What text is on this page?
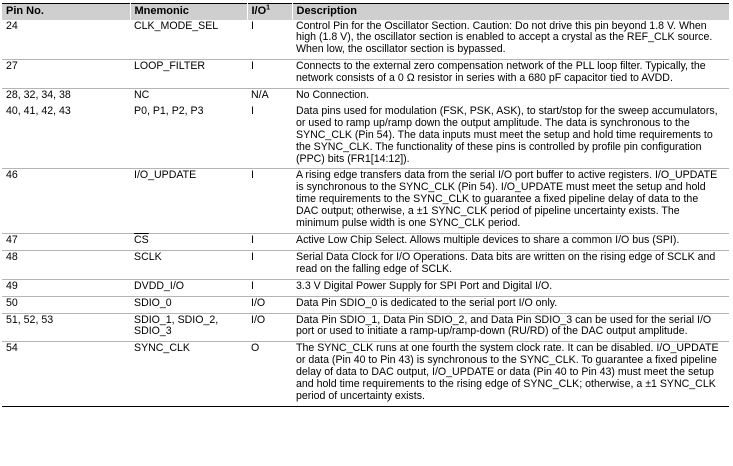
Pin No.	Mnemonic	$I/O^1$	Description
24	CLK_MODE_SEL	I	Control Pin for the Oscillator Section. Caution: Do not drive this pin beyond 1.8 V. When high (1.8 V), the oscillator section is enabled to accept a crystal as the REF_CLK source. When low, the oscillator section is bypassed.
27	LOOP_FILTER	I	Connects to the external zero compensation network of the PLL loop filter. Typically, the network consists of a 0 Ω resistor in series with a 680 pF capacitor tied to AVDD.
28, 32, 34, 38	NC	N/A	No Connection.
40, 41, 42, 43	P0, P1, P2, P3	I	Data pins used for modulation (FSK, PSK, ASK), to start/stop for the sweep accumulators, or used to ramp up/ramp down the output amplitude. The data is synchronous to the SYNC_CLK (Pin 54). The data inputs must meet the setup and hold time requirements to the SYNC_CLK. The functionality of these pins is controlled by profile pin configuration (PPC) bits (FR1[14:12]).
46	I/O_UPDATE	I	A rising edge transfers data from the serial I/O port buffer to active registers. I/O_UPDATE is synchronous to the SYNC_CLK (Pin 54). I/O_UPDATE must meet the setup and hold time requirements to the SYNC_CLK to guarantee a fixed pipeline delay of data to the DAC output; otherwise, a ±1 SYNC_CLK period of pipeline uncertainty exists. The minimum pulse width is one SYNC_CLK period.
47	$\overline{CS}$	I	Active Low Chip Select. Allows multiple devices to share a common I/O bus (SPI).
48	SCLK	I	Serial Data Clock for I/O Operations. Data bits are written on the rising edge of SCLK and read on the falling edge of SCLK.
49	DVDD_I/O	I	3.3 V Digital Power Supply for SPI Port and Digital I/O.
50	SDIO_0	I/O	Data Pin SDIO_0 is dedicated to the serial port I/O only.
51, 52, 53	SDIO_1, SDIO_2, SDIO_3	I/O	Data Pin SDIO_1, Data Pin SDIO_2, and Data Pin SDIO_3 can be used for the serial I/O port or used to initiate a ramp-up/ramp-down (RU/RD) of the DAC output amplitude.
54	SYNC_CLK	O	The SYNC_CLK runs at one fourth the system clock rate. It can be disabled. I/O_UPDATE or data (Pin 40 to Pin 43) is synchronous to the SYNC_CLK. To guarantee a fixed pipeline delay of data to DAC output, I/O_UPDATE or data (Pin 40 to Pin 43) must meet the setup and hold time requirements to the rising edge of SYNC_CLK; otherwise, a ±1 SYNC_CLK period of uncertainty exists.
